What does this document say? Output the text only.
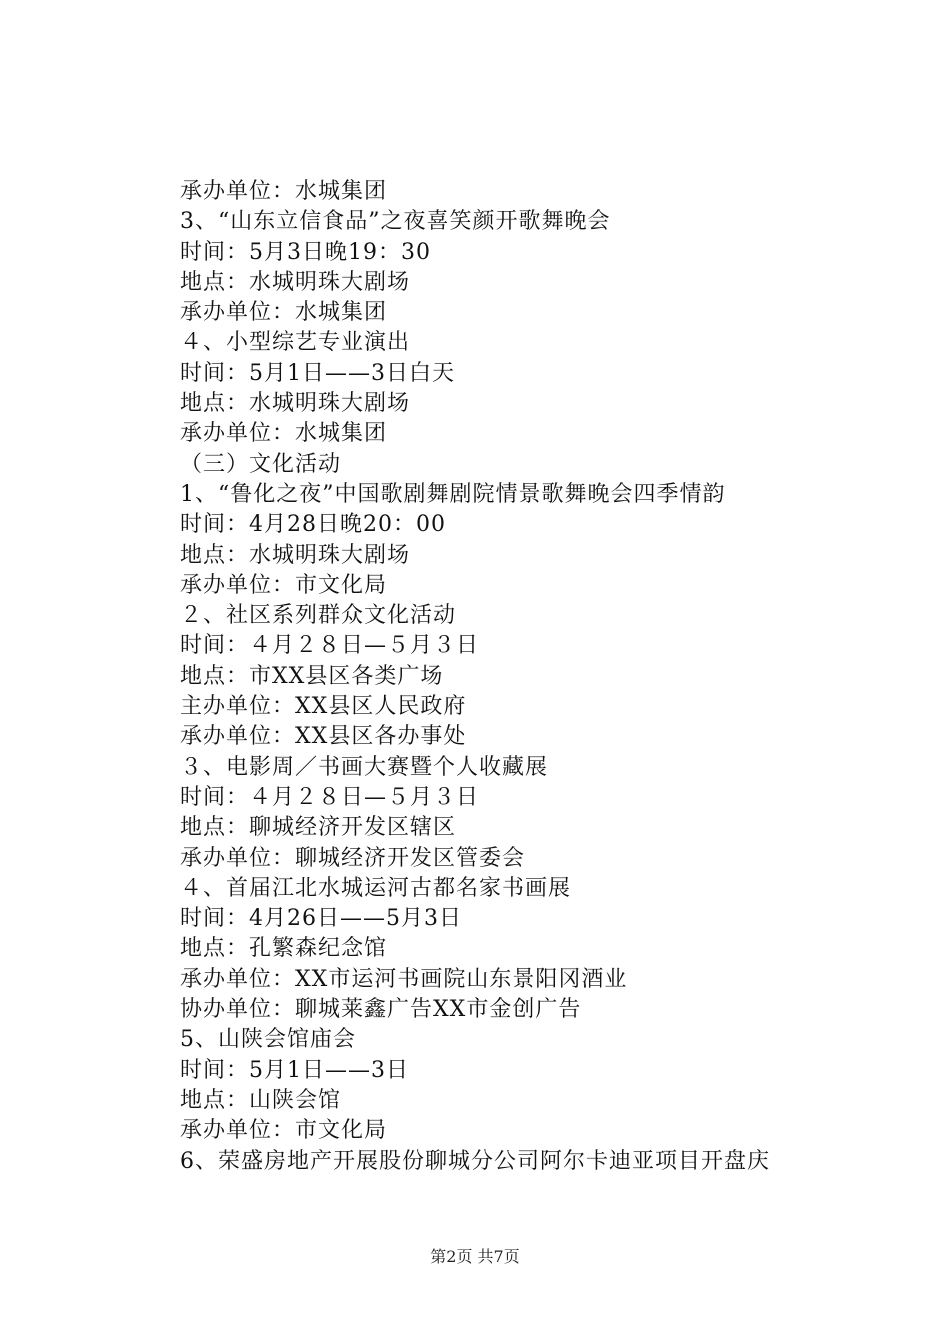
承办单位：水城集团
3、“山东立信食品”之夜喜笑颜开歌舞晚会
时间：5月3日晚19：30
地点：水城明珠大剧场
承办单位：水城集团
４、小型综艺专业演出
时间：5月1日——3日白天
地点：水城明珠大剧场
承办单位：水城集团
（三）文化活动
1、“鲁化之夜”中国歌剧舞剧院情景歌舞晚会四季情韵
时间：4月28日晚20：00
地点：水城明珠大剧场
承办单位：市文化局
２、社区系列群众文化活动
时间：４月２８日—５月３日
地点：市XX县区各类广场
主办单位：XX县区人民政府
承办单位：XX县区各办事处
３、电影周／书画大赛暨个人收藏展
时间：４月２８日—５月３日
地点：聊城经济开发区辖区
承办单位：聊城经济开发区管委会
４、首届江北水城运河古都名家书画展
时间：4月26日——5月3日
地点：孔繁森纪念馆
承办单位：XX市运河书画院山东景阳冈酒业
协办单位：聊城莱鑫广告XX市金创广告
5、山陕会馆庙会
时间：5月1日——3日
地点：山陕会馆
承办单位：市文化局
6、荣盛房地产开展股份聊城分公司阿尔卡迪亚项目开盘庆
第2页 共7页
